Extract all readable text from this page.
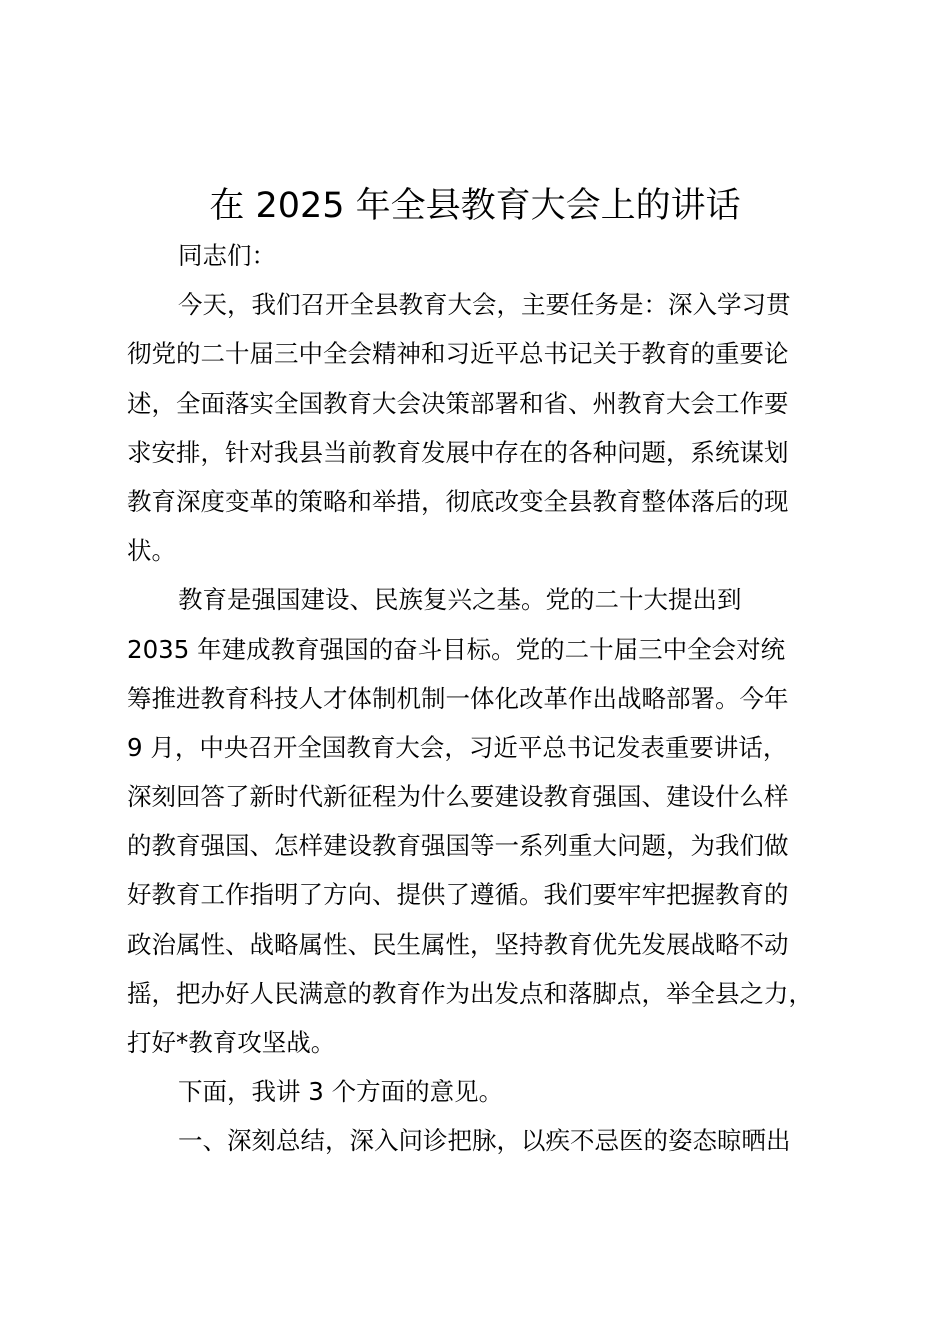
在 2025 年全县教育大会上的讲话
同志们：
今天，我们召开全县教育大会，主要任务是：深入学习贯
彻党的二十届三中全会精神和习近平总书记关于教育的重要论
述，全面落实全国教育大会决策部署和省、州教育大会工作要
求安排，针对我县当前教育发展中存在的各种问题，系统谋划
教育深度变革的策略和举措，彻底改变全县教育整体落后的现
状。
教育是强国建设、民族复兴之基。党的二十大提出到
2035 年建成教育强国的奋斗目标。党的二十届三中全会对统
筹推进教育科技人才体制机制一体化改革作出战略部署。今年
9 月，中央召开全国教育大会，习近平总书记发表重要讲话，
深刻回答了新时代新征程为什么要建设教育强国、建设什么样
的教育强国、怎样建设教育强国等一系列重大问题，为我们做
好教育工作指明了方向、提供了遵循。我们要牢牢把握教育的
政治属性、战略属性、民生属性，坚持教育优先发展战略不动
摇，把办好人民满意的教育作为出发点和落脚点，举全县之力，
打好*教育攻坚战。
下面，我讲 3 个方面的意见。
一、深刻总结，深入问诊把脉，以疾不忌医的姿态晾晒出
